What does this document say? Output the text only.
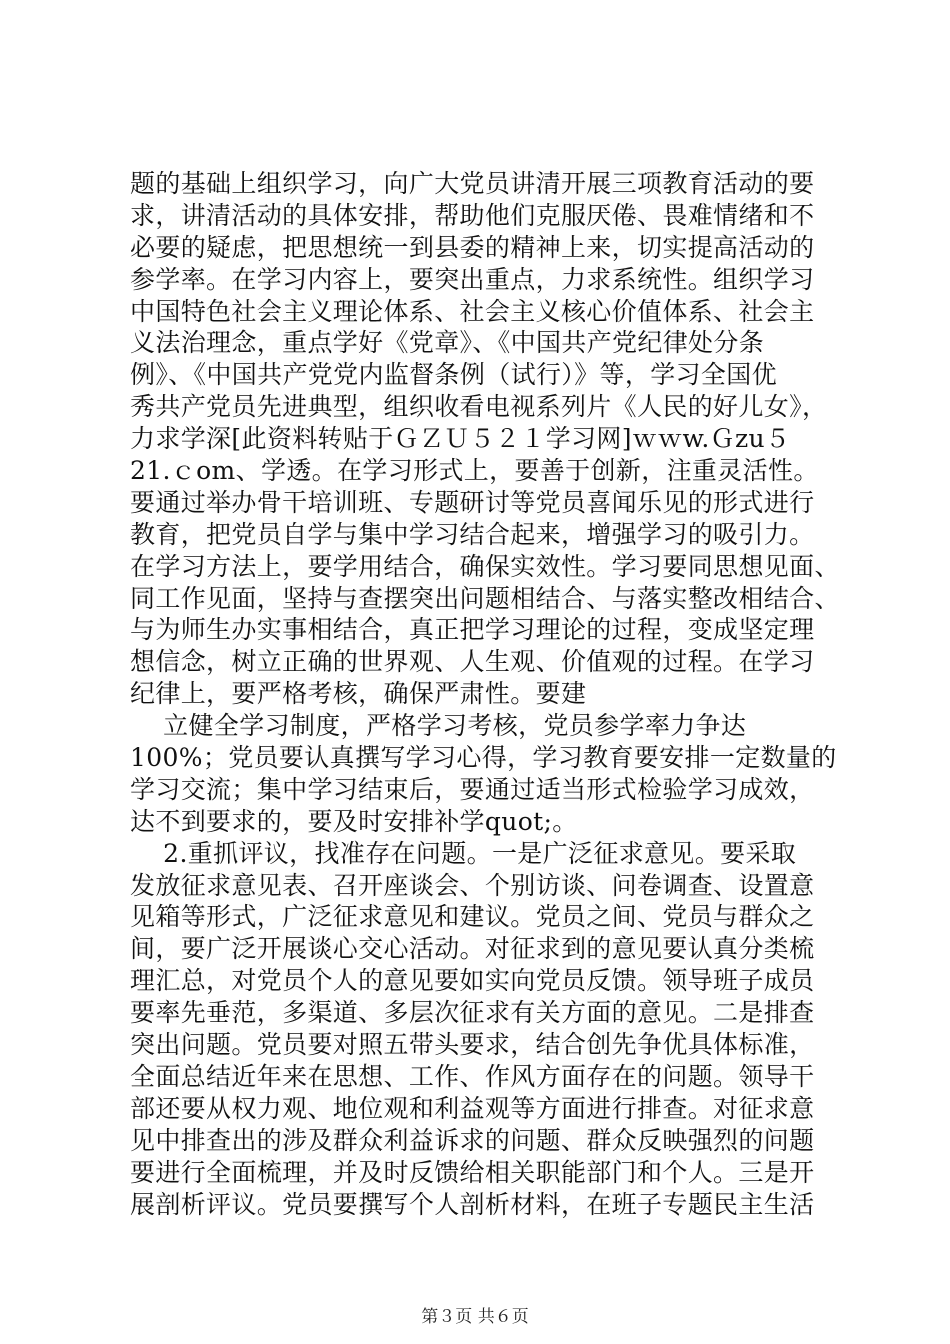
题的基础上组织学习，向广大党员讲清开展三项教育活动的要
求，讲清活动的具体安排，帮助他们克服厌倦、畏难情绪和不
必要的疑虑，把思想统一到县委的精神上来，切实提高活动的
参学率。在学习内容上，要突出重点，力求系统性。组织学习
中国特色社会主义理论体系、社会主义核心价值体系、社会主
义法治理念，重点学好《党章》、《中国共产党纪律处分条
例》、《中国共产党党内监督条例（试行）》等，学习全国优
秀共产党员先进典型，组织收看电视系列片《人民的好儿女》，
力求学深[此资料转贴于ＧＺＵ５２１学习网]ｗｗw.Ｇzu５
21.ｃom、学透。在学习形式上，要善于创新，注重灵活性。
要通过举办骨干培训班、专题研讨等党员喜闻乐见的形式进行
教育，把党员自学与集中学习结合起来，增强学习的吸引力。
在学习方法上，要学用结合，确保实效性。学习要同思想见面、
同工作见面，坚持与查摆突出问题相结合、与落实整改相结合、
与为师生办实事相结合，真正把学习理论的过程，变成坚定理
想信念，树立正确的世界观、人生观、价值观的过程。在学习
纪律上，要严格考核，确保严肃性。要建
立健全学习制度，严格学习考核，党员参学率力争达
100%；党员要认真撰写学习心得，学习教育要安排一定数量的
学习交流；集中学习结束后，要通过适当形式检验学习成效，
达不到要求的，要及时安排补学quot;。
2.重抓评议，找准存在问题。一是广泛征求意见。要采取
发放征求意见表、召开座谈会、个别访谈、问卷调查、设置意
见箱等形式，广泛征求意见和建议。党员之间、党员与群众之
间，要广泛开展谈心交心活动。对征求到的意见要认真分类梳
理汇总，对党员个人的意见要如实向党员反馈。领导班子成员
要率先垂范，多渠道、多层次征求有关方面的意见。二是排查
突出问题。党员要对照五带头要求，结合创先争优具体标准，
全面总结近年来在思想、工作、作风方面存在的问题。领导干
部还要从权力观、地位观和利益观等方面进行排查。对征求意
见中排查出的涉及群众利益诉求的问题、群众反映强烈的问题
要进行全面梳理，并及时反馈给相关职能部门和个人。三是开
展剖析评议。党员要撰写个人剖析材料，在班子专题民主生活
第３页 共６页
